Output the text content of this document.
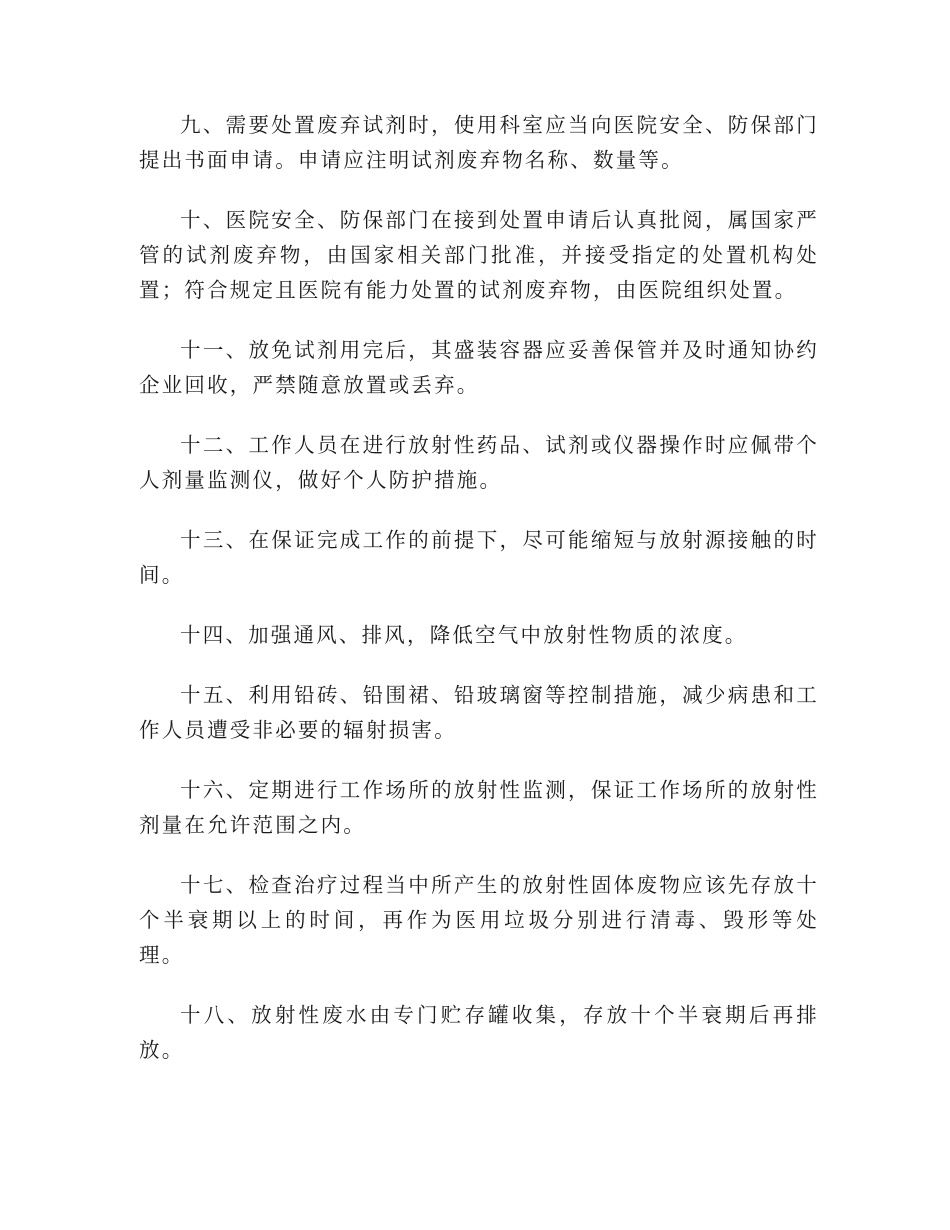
九、需要处置废弃试剂时，使用科室应当向医院安全、防保部门提出书面申请。申请应注明试剂废弃物名称、数量等。

十、医院安全、防保部门在接到处置申请后认真批阅，属国家严管的试剂废弃物，由国家相关部门批准，并接受指定的处置机构处置；符合规定且医院有能力处置的试剂废弃物，由医院组织处置。

十一、放免试剂用完后，其盛装容器应妥善保管并及时通知协约企业回收，严禁随意放置或丢弃。

十二、工作人员在进行放射性药品、试剂或仪器操作时应佩带个人剂量监测仪，做好个人防护措施。

十三、在保证完成工作的前提下，尽可能缩短与放射源接触的时间。

十四、加强通风、排风，降低空气中放射性物质的浓度。

十五、利用铅砖、铅围裙、铅玻璃窗等控制措施，减少病患和工作人员遭受非必要的辐射损害。

十六、定期进行工作场所的放射性监测，保证工作场所的放射性剂量在允许范围之内。

十七、检查治疗过程当中所产生的放射性固体废物应该先存放十个半衰期以上的时间，再作为医用垃圾分别进行清毒、毁形等处理。

十八、放射性废水由专门贮存罐收集，存放十个半衰期后再排放。
